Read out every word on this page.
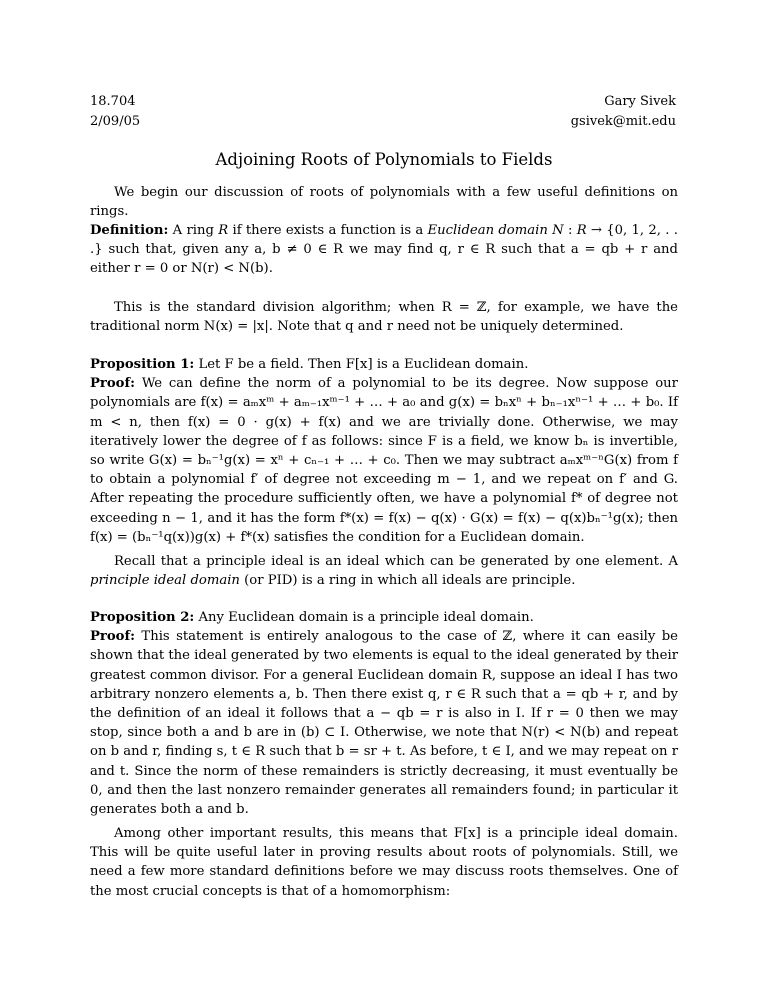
18.704
2/09/05
Gary Sivek
gsivek@mit.edu
Adjoining Roots of Polynomials to Fields

We begin our discussion of roots of polynomials with a few useful definitions on rings.

Definition: A ring R if there exists a function is a Euclidean domain N : R → {0, 1, 2, . . .} such that, given any a, b ≠ 0 ∈ R we may find q, r ∈ R such that a = qb + r and either r = 0 or N(r) < N(b).

This is the standard division algorithm; when R = ℤ, for example, we have the traditional norm N(x) = |x|. Note that q and r need not be uniquely determined.

Proposition 1: Let F be a field. Then F[x] is a Euclidean domain.
Proof: We can define the norm of a polynomial to be its degree. Now suppose our polynomials are f(x) = aₘxᵐ + aₘ₋₁xᵐ⁻¹ + … + a₀ and g(x) = bₙxⁿ + bₙ₋₁xⁿ⁻¹ + … + b₀. If m < n, then f(x) = 0 · g(x) + f(x) and we are trivially done. Otherwise, we may iteratively lower the degree of f as follows: since F is a field, we know bₙ is invertible, so write G(x) = bₙ⁻¹g(x) = xⁿ + cₙ₋₁ + … + c₀. Then we may subtract aₘxᵐ⁻ⁿG(x) from f to obtain a polynomial f′ of degree not exceeding m − 1, and we repeat on f′ and G. After repeating the procedure sufficiently often, we have a polynomial f* of degree not exceeding n − 1, and it has the form f*(x) = f(x) − q(x) · G(x) = f(x) − q(x)bₙ⁻¹g(x); then f(x) = (bₙ⁻¹q(x))g(x) + f*(x) satisfies the condition for a Euclidean domain.

Recall that a principle ideal is an ideal which can be generated by one element. A principle ideal domain (or PID) is a ring in which all ideals are principle.

Proposition 2: Any Euclidean domain is a principle ideal domain.
Proof: This statement is entirely analogous to the case of ℤ, where it can easily be shown that the ideal generated by two elements is equal to the ideal generated by their greatest common divisor. For a general Euclidean domain R, suppose an ideal I has two arbitrary nonzero elements a, b. Then there exist q, r ∈ R such that a = qb + r, and by the definition of an ideal it follows that a − qb = r is also in I. If r = 0 then we may stop, since both a and b are in (b) ⊂ I. Otherwise, we note that N(r) < N(b) and repeat on b and r, finding s, t ∈ R such that b = sr + t. As before, t ∈ I, and we may repeat on r and t. Since the norm of these remainders is strictly decreasing, it must eventually be 0, and then the last nonzero remainder generates all remainders found; in particular it generates both a and b.

Among other important results, this means that F[x] is a principle ideal domain. This will be quite useful later in proving results about roots of polynomials. Still, we need a few more standard definitions before we may discuss roots themselves. One of the most crucial concepts is that of a homomorphism:
